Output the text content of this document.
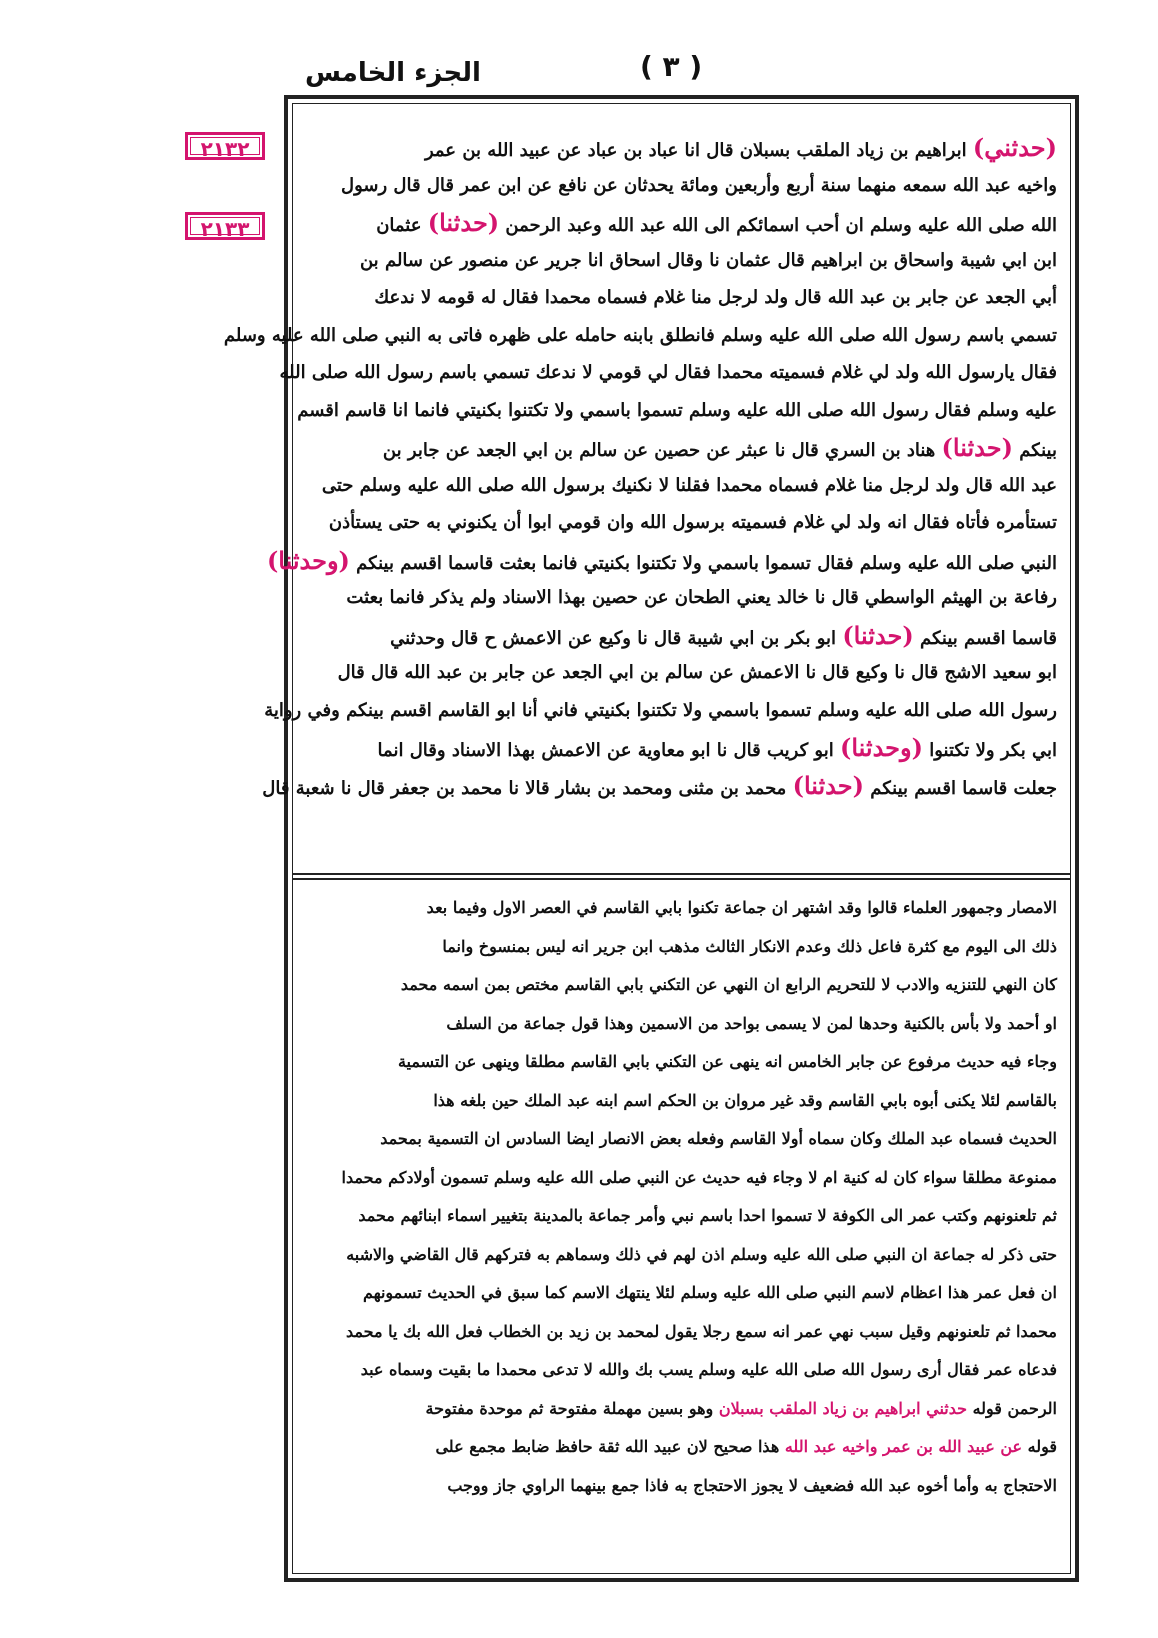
الجزء الخامس	( ٣ )
٢١٣٢
٢١٣٣

(حدثني) ابراهيم بن زياد الملقب بسبلان قال انا عباد بن عباد عن عبيد الله بن عمر

واخيه عبد الله سمعه منهما سنة أربع وأربعين ومائة يحدثان عن نافع عن ابن عمر قال قال رسول

الله صلى الله عليه وسلم ان أحب اسمائكم الى الله عبد الله وعبد الرحمن (حدثنا) عثمان

ابن ابي شيبة واسحاق بن ابراهيم قال عثمان نا وقال اسحاق انا جرير عن منصور عن سالم بن

أبي الجعد عن جابر بن عبد الله قال ولد لرجل منا غلام فسماه محمدا فقال له قومه لا ندعك

تسمي باسم رسول الله صلى الله عليه وسلم فانطلق بابنه حامله على ظهره فاتى به النبي صلى الله عليه وسلم

فقال يارسول الله ولد لي غلام فسميته محمدا فقال لي قومي لا ندعك تسمي باسم رسول الله صلى الله

عليه وسلم فقال رسول الله صلى الله عليه وسلم تسموا باسمي ولا تكتنوا بكنيتي فانما انا قاسم اقسم

بينكم (حدثنا) هناد بن السري قال نا عبثر عن حصين عن سالم بن ابي الجعد عن جابر بن

عبد الله قال ولد لرجل منا غلام فسماه محمدا فقلنا لا نكنيك برسول الله صلى الله عليه وسلم حتى

تستأمره فأتاه فقال انه ولد لي غلام فسميته برسول الله وان قومي ابوا أن يكنوني به حتى يستأذن

النبي صلى الله عليه وسلم فقال تسموا باسمي ولا تكتنوا بكنيتي فانما بعثت قاسما اقسم بينكم (وحدثنا)

رفاعة بن الهيثم الواسطي قال نا خالد يعني الطحان عن حصين بهذا الاسناد ولم يذكر فانما بعثت

قاسما اقسم بينكم (حدثنا) ابو بكر بن ابي شيبة قال نا وكيع عن الاعمش ح قال وحدثني

ابو سعيد الاشج قال نا وكيع قال نا الاعمش عن سالم بن ابي الجعد عن جابر بن عبد الله قال قال

رسول الله صلى الله عليه وسلم تسموا باسمي ولا تكتنوا بكنيتي فاني أنا ابو القاسم اقسم بينكم وفي رواية

ابي بكر ولا تكتنوا (وحدثنا) ابو كريب قال نا ابو معاوية عن الاعمش بهذا الاسناد وقال انما

جعلت قاسما اقسم بينكم (حدثنا) محمد بن مثنى ومحمد بن بشار قالا نا محمد بن جعفر قال نا شعبة قال

الامصار وجمهور العلماء قالوا وقد اشتهر ان جماعة تكنوا بابي القاسم في العصر الاول وفيما بعد

ذلك الى اليوم مع كثرة فاعل ذلك وعدم الانكار الثالث مذهب ابن جرير انه ليس بمنسوخ وانما

كان النهي للتنزيه والادب لا للتحريم الرابع ان النهي عن التكني بابي القاسم مختص بمن اسمه محمد

او أحمد ولا بأس بالكنية وحدها لمن لا يسمى بواحد من الاسمين وهذا قول جماعة من السلف

وجاء فيه حديث مرفوع عن جابر الخامس انه ينهى عن التكني بابي القاسم مطلقا وينهى عن التسمية

بالقاسم لئلا يكنى أبوه بابي القاسم وقد غير مروان بن الحكم اسم ابنه عبد الملك حين بلغه هذا

الحديث فسماه عبد الملك وكان سماه أولا القاسم وفعله بعض الانصار ايضا السادس ان التسمية بمحمد

ممنوعة مطلقا سواء كان له كنية ام لا وجاء فيه حديث عن النبي صلى الله عليه وسلم تسمون أولادكم محمدا

ثم تلعنونهم وكتب عمر الى الكوفة لا تسموا احدا باسم نبي وأمر جماعة بالمدينة بتغيير اسماء ابنائهم محمد

حتى ذكر له جماعة ان النبي صلى الله عليه وسلم اذن لهم في ذلك وسماهم به فتركهم قال القاضي والاشبه

ان فعل عمر هذا اعظام لاسم النبي صلى الله عليه وسلم لئلا ينتهك الاسم كما سبق في الحديث تسمونهم

محمدا ثم تلعنونهم وقيل سبب نهي عمر انه سمع رجلا يقول لمحمد بن زيد بن الخطاب فعل الله بك يا محمد

فدعاه عمر فقال أرى رسول الله صلى الله عليه وسلم يسب بك والله لا تدعى محمدا ما بقيت وسماه عبد

الرحمن قوله حدثني ابراهيم بن زياد الملقب بسبلان وهو بسين مهملة مفتوحة ثم موحدة مفتوحة

قوله عن عبيد الله بن عمر واخيه عبد الله هذا صحيح لان عبيد الله ثقة حافظ ضابط مجمع على

الاحتجاج به وأما أخوه عبد الله فضعيف لا يجوز الاحتجاج به فاذا جمع بينهما الراوي جاز ووجب
